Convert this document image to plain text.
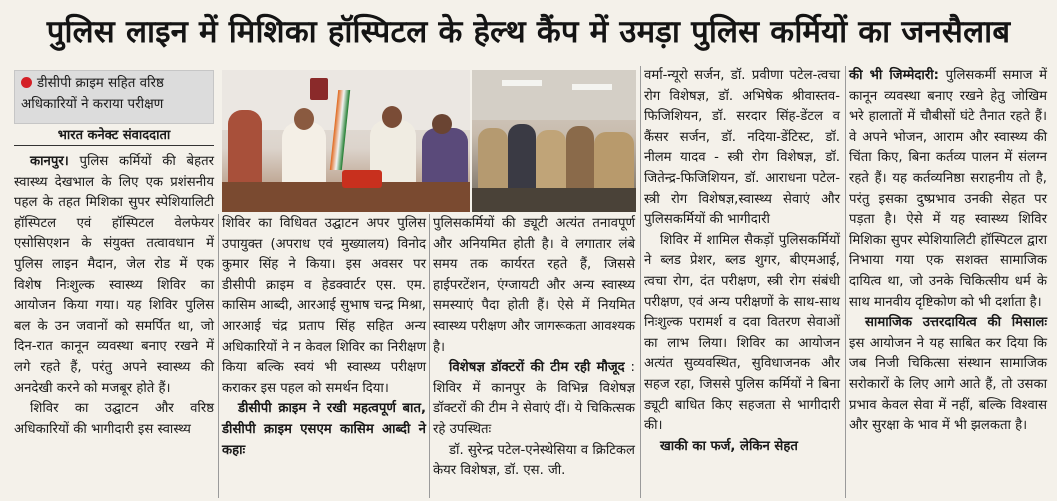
पुलिस लाइन में मिशिका हॉस्पिटल के हेल्थ कैंप में उमड़ा पुलिस कर्मियों का जनसैलाब
डीसीपी क्राइम सहित वरिष्ठ अधिकारियों ने कराया परीक्षण
भारत कनेक्ट संवाददाता

कानपुर। पुलिस कर्मियों की बेहतर स्वास्थ्य देखभाल के लिए एक प्रशंसनीय पहल के तहत मिशिका सुपर स्पेशियालिटी हॉस्पिटल एवं हॉस्पिटल वेलफेयर एसोसिएशन के संयुक्त तत्वावधान में पुलिस लाइन मैदान, जेल रोड में एक विशेष निःशुल्क स्वास्थ्य शिविर का आयोजन किया गया। यह शिविर पुलिस बल के उन जवानों को समर्पित था, जो दिन-रात कानून व्यवस्था बनाए रखने में लगे रहते हैं, परंतु अपने स्वास्थ्य की अनदेखी करने को मजबूर होते हैं।

शिविर का उद्घाटन और वरिष्ठ अधिकारियों की भागीदारी इस स्वास्थ्य

शिविर का विधिवत उद्घाटन अपर पुलिस उपायुक्त (अपराध एवं मुख्यालय) विनोद कुमार सिंह ने किया। इस अवसर पर डीसीपी क्राइम व हेडक्वार्टर एस. एम. कासिम आब्दी, आरआई सुभाष चन्द्र मिश्रा, आरआई चंद्र प्रताप सिंह सहित अन्य अधिकारियों ने न केवल शिविर का निरीक्षण किया बल्कि स्वयं भी स्वास्थ्य परीक्षण कराकर इस पहल को समर्थन दिया।

डीसीपी क्राइम ने रखी महत्वपूर्ण बात, डीसीपी क्राइम एसएम कासिम आब्दी ने कहाः

पुलिसकर्मियों की ड्यूटी अत्यंत तनावपूर्ण और अनियमित होती है। वे लगातार लंबे समय तक कार्यरत रहते हैं, जिससे हाईपरटेंशन, एंग्जायटी और अन्य स्वास्थ्य समस्याएं पैदा होती हैं। ऐसे में नियमित स्वास्थ्य परीक्षण और जागरूकता आवश्यक है।

विशेषज्ञ डॉक्टरों की टीम रही मौजूद : शिविर में कानपुर के विभिन्न विशेषज्ञ डॉक्टरों की टीम ने सेवाएं दीं। ये चिकित्सक रहे उपस्थितः

डॉ. सुरेन्द्र पटेल-एनेस्थेसिया व क्रिटिकल केयर विशेषज्ञ, डॉ. एस. जी.

वर्मा-न्यूरो सर्जन, डॉ. प्रवीणा पटेल-त्वचा रोग विशेषज्ञ, डॉ. अभिषेक श्रीवास्तव-फिजिशियन, डॉ. सरदार सिंह-डेंटल व कैंसर सर्जन, डॉ. नदिया-डेंटिस्ट, डॉ. नीलम यादव - स्त्री रोग विशेषज्ञ, डॉ. जितेन्द्र-फिजिशियन, डॉ. आराधना पटेल- स्त्री रोग विशेषज्ञ,स्वास्थ्य सेवाएं और पुलिसकर्मियों की भागीदारी

शिविर में शामिल सैकड़ों पुलिसकर्मियों ने ब्लड प्रेशर, ब्लड शुगर, बीएमआई, त्वचा रोग, दंत परीक्षण, स्त्री रोग संबंधी परीक्षण, एवं अन्य परीक्षणों के साथ-साथ निःशुल्क परामर्श व दवा वितरण सेवाओं का लाभ लिया। शिविर का आयोजन अत्यंत सुव्यवस्थित, सुविधाजनक और सहज रहा, जिससे पुलिस कर्मियों ने बिना ड्यूटी बाधित किए सहजता से भागीदारी की।

खाकी का फर्ज, लेकिन सेहत

की भी जिम्मेदारी: पुलिसकर्मी समाज में कानून व्यवस्था बनाए रखने हेतु जोखिम भरे हालातों में चौबीसों घंटे तैनात रहते हैं। वे अपने भोजन, आराम और स्वास्थ्य की चिंता किए, बिना कर्तव्य पालन में संलग्न रहते हैं। यह कर्तव्यनिष्ठा सराहनीय तो है, परंतु इसका दुष्प्रभाव उनकी सेहत पर पड़ता है। ऐसे में यह स्वास्थ्य शिविर मिशिका सुपर स्पेशियालिटी हॉस्पिटल द्वारा निभाया गया एक सशक्त सामाजिक दायित्व था, जो उनके चिकित्सीय धर्म के साथ मानवीय दृष्टिकोण को भी दर्शाता है।

सामाजिक उत्तरदायित्व की मिसालः इस आयोजन ने यह साबित कर दिया कि जब निजी चिकित्सा संस्थान सामाजिक सरोकारों के लिए आगे आते हैं, तो उसका प्रभाव केवल सेवा में नहीं, बल्कि विश्वास और सुरक्षा के भाव में भी झलकता है।
